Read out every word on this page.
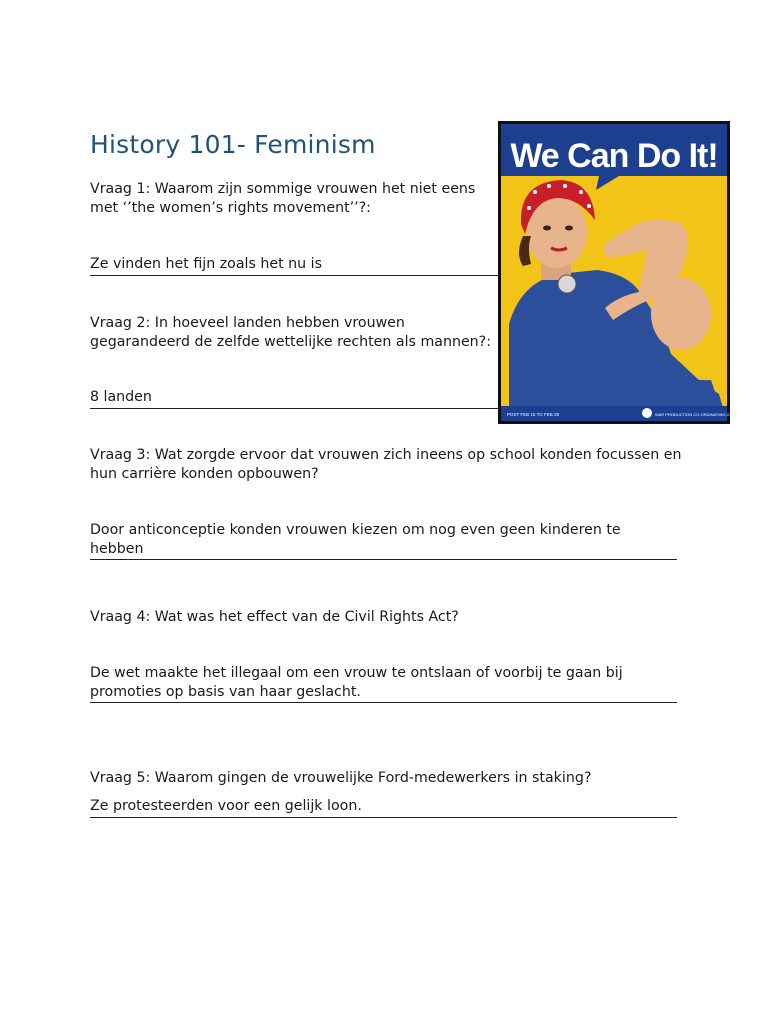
History 101- Feminism
Vraag 1: Waarom zijn sommige vrouwen het niet eens
met ‘’the women’s rights movement’’?:
Ze vinden het fijn zoals het nu is
Vraag 2: In hoeveel landen hebben vrouwen
gegarandeerd de zelfde wettelijke rechten als mannen?:
8 landen
Vraag 3: Wat zorgde ervoor dat vrouwen zich ineens op school konden focussen en
hun carrière konden opbouwen?
Door anticonceptie konden vrouwen kiezen om nog even geen kinderen te hebben
Vraag 4: Wat was het effect van de Civil Rights Act?
De wet maakte het illegaal om een vrouw te ontslaan of voorbij te gaan bij
promoties op basis van haar geslacht.
Vraag 5: Waarom gingen de vrouwelijke Ford-medewerkers in staking?
Ze protesteerden voor een gelijk loon.
We Can Do It!
POST FEB 15 TO FEB 28	WAR PRODUCTION CO-ORDINATING COMMITTEE
